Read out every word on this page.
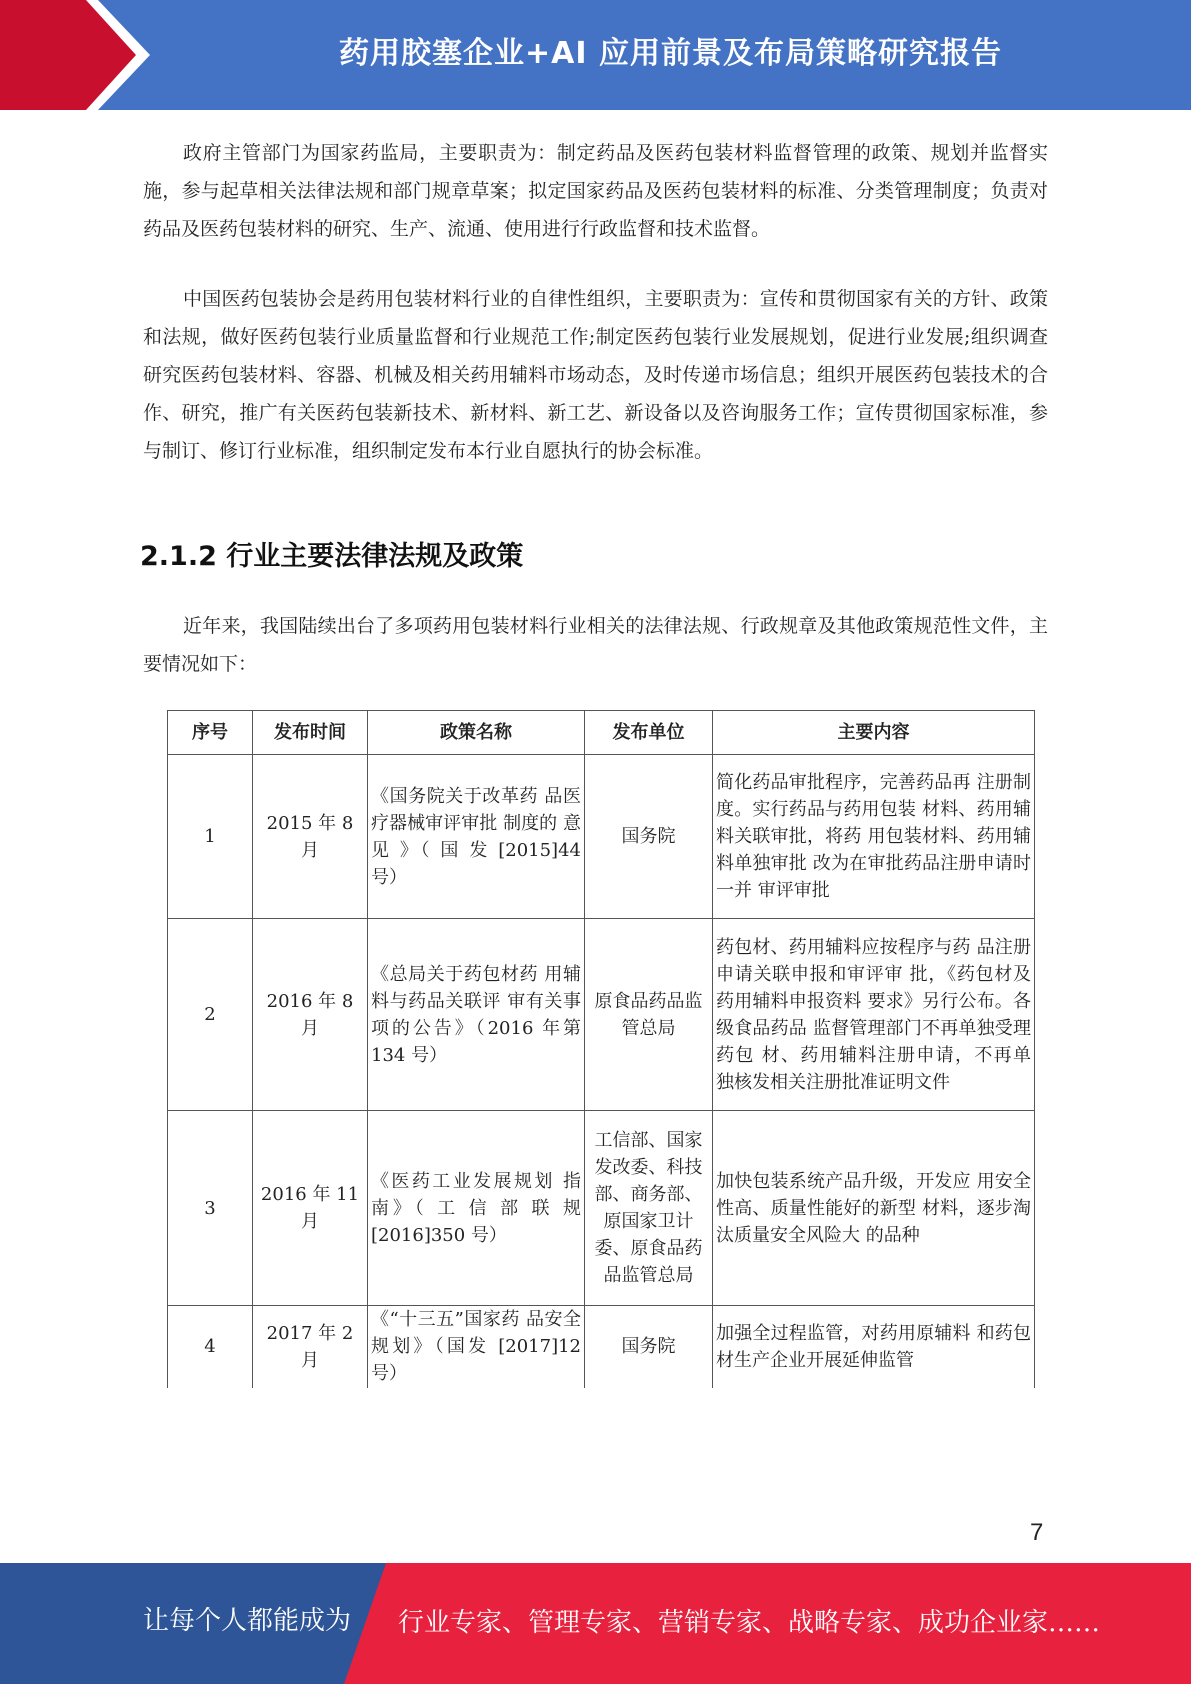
药用胶塞企业+AI 应用前景及布局策略研究报告

政府主管部门为国家药监局，主要职责为：制定药品及医药包装材料监督管理的政策、规划并监督实施，参与起草相关法律法规和部门规章草案；拟定国家药品及医药包装材料的标准、分类管理制度；负责对药品及医药包装材料的研究、生产、流通、使用进行行政监督和技术监督。

中国医药包装协会是药用包装材料行业的自律性组织，主要职责为：宣传和贯彻国家有关的方针、政策和法规，做好医药包装行业质量监督和行业规范工作;制定医药包装行业发展规划，促进行业发展;组织调查研究医药包装材料、容器、机械及相关药用辅料市场动态，及时传递市场信息；组织开展医药包装技术的合作、研究，推广有关医药包装新技术、新材料、新工艺、新设备以及咨询服务工作；宣传贯彻国家标准，参与制订、修订行业标准，组织制定发布本行业自愿执行的协会标准。

2.1.2 行业主要法律法规及政策

近年来，我国陆续出台了多项药用包装材料行业相关的法律法规、行政规章及其他政策规范性文件，主要情况如下：

序号	发布时间	政策名称	发布单位	主要内容
1	2015 年 8 月	《国务院关于改革药 品医疗器械审评审批 制度的 意 见 》（ 国 发 [2015]44 号）	国务院	简化药品审批程序，完善药品再 注册制度。实行药品与药用包装 材料、药用辅料关联审批，将药 用包装材料、药用辅料单独审批 改为在审批药品注册申请时一并 审评审批
2	2016 年 8 月	《总局关于药包材药 用辅料与药品关联评 审有关事项的公告》（2016 年第 134 号）	原食品药品监管总局	药包材、药用辅料应按程序与药 品注册申请关联申报和审评审 批，《药包材及药用辅料申报资料 要求》另行公布。各级食品药品 监督管理部门不再单独受理药包 材、药用辅料注册申请，不再单 独核发相关注册批准证明文件
3	2016 年 11 月	《医药工业发展规划 指南》（ 工 信 部 联 规 [2016]350 号）	工信部、国家发改委、科技部、商务部、原国家卫计委、原食品药品监管总局	加快包装系统产品升级，开发应 用安全性高、质量性能好的新型 材料，逐步淘汰质量安全风险大 的品种
4	2017 年 2 月	《“十三五”国家药 品安全规划》（国发 [2017]12 号）	国务院	加强全过程监管，对药用原辅料 和药包材生产企业开展延伸监管
7
让每个人都能成为 行业专家、管理专家、营销专家、战略专家、成功企业家……
